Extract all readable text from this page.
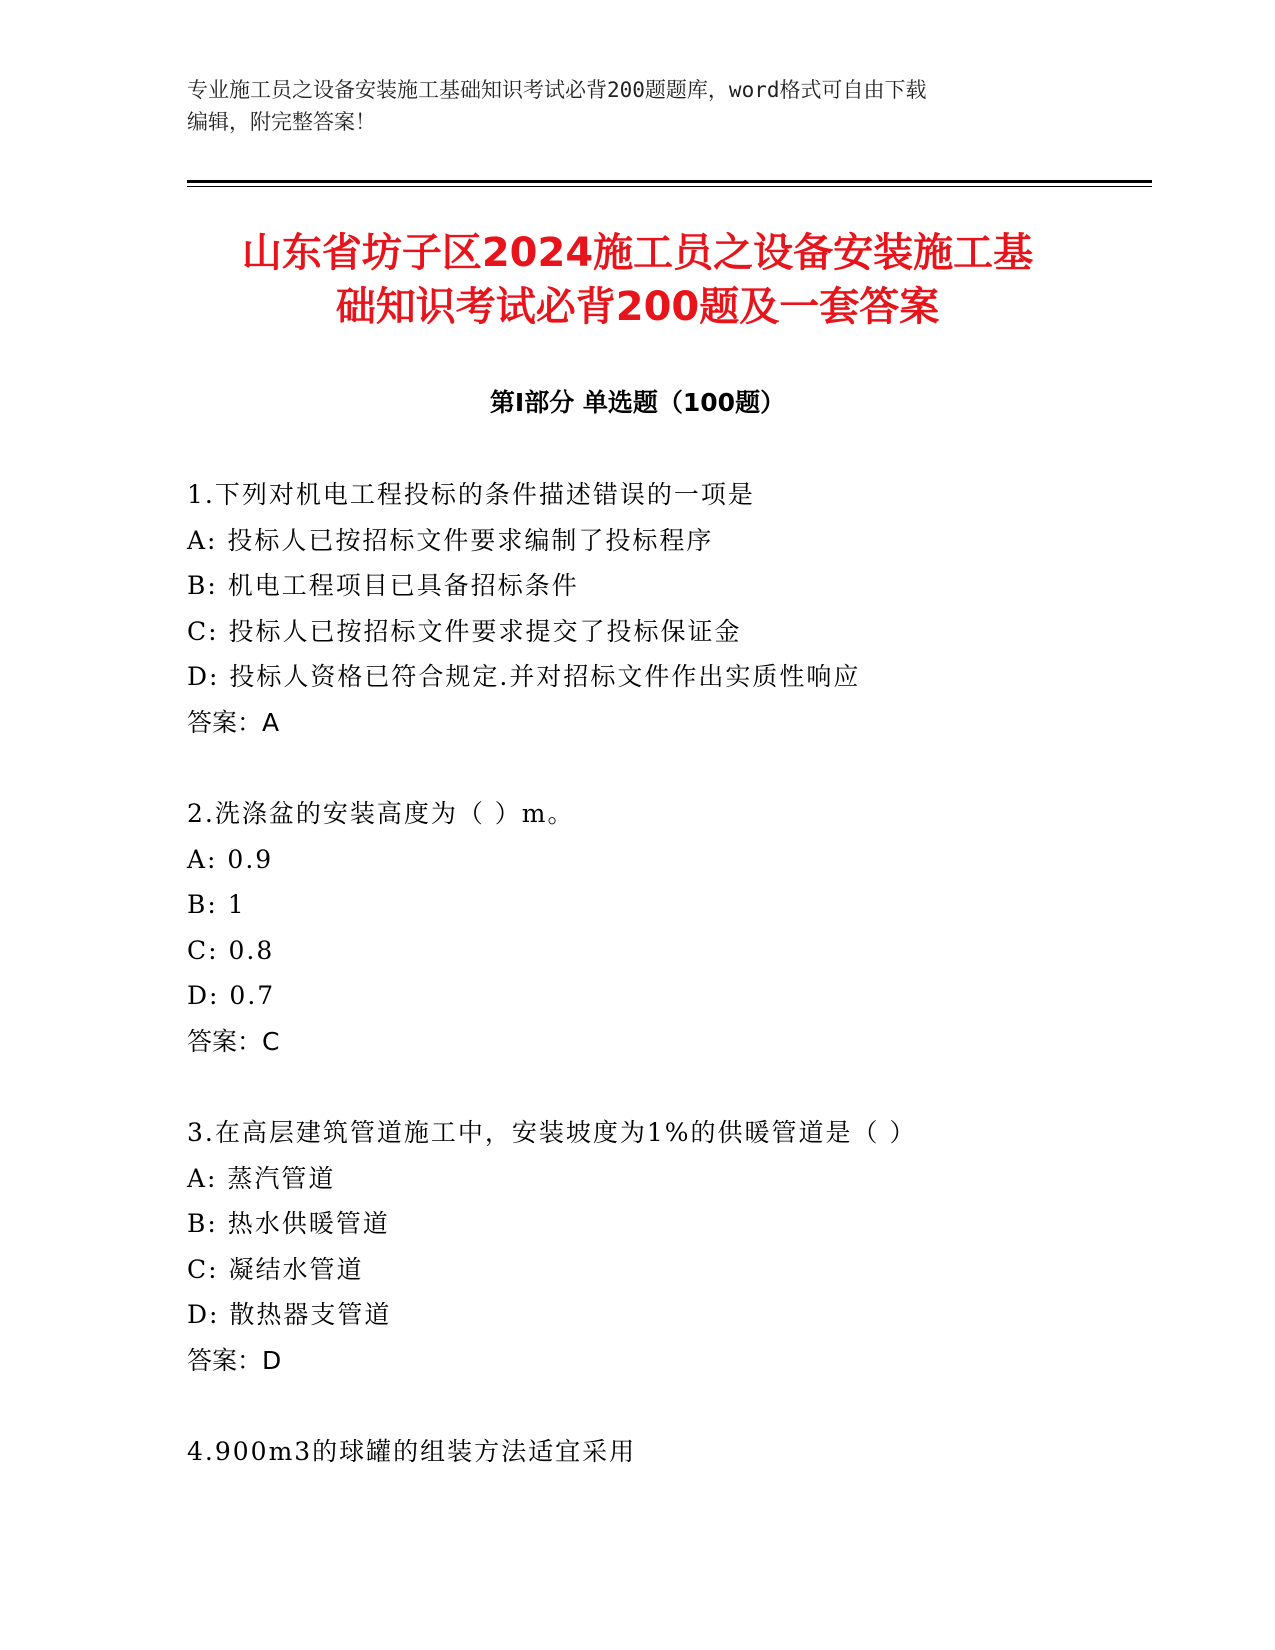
专业施工员之设备安装施工基础知识考试必背200题题库，word格式可自由下载
编辑，附完整答案！
山东省坊子区2024施工员之设备安装施工基
础知识考试必背200题及一套答案
第Ⅰ部分 单选题（100题）
1.下列对机电工程投标的条件描述错误的一项是
A: 投标人已按招标文件要求编制了投标程序
B: 机电工程项目已具备招标条件
C: 投标人已按招标文件要求提交了投标保证金
D: 投标人资格已符合规定.并对招标文件作出实质性响应
答案：A
2.洗涤盆的安装高度为（ ）m。
A: 0.9
B: 1
C: 0.8
D: 0.7
答案：C
3.在高层建筑管道施工中，安装坡度为1%的供暖管道是（ ）
A: 蒸汽管道
B: 热水供暖管道
C: 凝结水管道
D: 散热器支管道
答案：D
4.900m3的球罐的组装方法适宜采用
